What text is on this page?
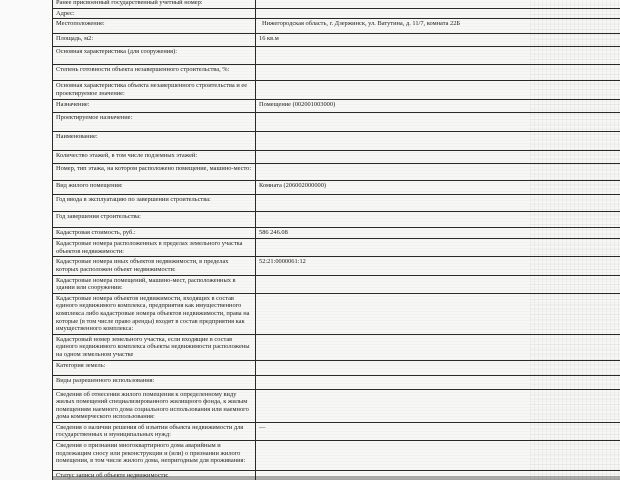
Ранее присвоенный государственный учетный номер:	
Адрес:	
Местоположение:	Нижегородская область, г. Дзержинск, ул. Ватутина, д. 11/7, комната 22Б
Площадь, м2:	16 кв.м
Основная характеристика (для сооружения):	
Степень готовности объекта незавершенного строительства, %:	
Основная характеристика объекта незавершенного строительства и ее проектируемое значение:	
Назначение:	Помещение (002001003000)
Проектируемое назначение:	
Наименование:	
Количество этажей, в том числе подземных этажей:	
Номер, тип этажа, на котором расположено помещение, машино-место:	
Вид жилого помещения:	Комната (206002000000)
Год ввода в эксплуатацию по завершении строительства:	
Год завершения строительства:	
Кадастровая стоимость, руб.:	586 246.08
Кадастровые номера расположенных в пределах земельного участка объектов недвижимости:	
Кадастровые номера иных объектов недвижимости, в пределах которых расположен объект недвижимости:	52:21:0000061:12
Кадастровые номера помещений, машино-мест, расположенных в здании или сооружении:	
Кадастровые номера объектов недвижимости, входящих в состав единого недвижимого комплекса, предприятия как имущественного комплекса либо кадастровые номера объектов недвижимости, права на которые (в том числе право аренды) входят в состав предприятия как имущественного комплекса:	
Кадастровый номер земельного участка, если входящие в состав единого недвижимого комплекса объекты недвижимости расположены на одном земельном участке	
Категория земель:	
Виды разрешенного использования:	
Сведения об отнесении жилого помещения к определенному виду жилых помещений специализированного жилищного фонда, к жилым помещениям наемного дома социального использования или наемного дома коммерческого использования:	
Сведения о наличии решения об изъятии объекта недвижимости для государственных и муниципальных нужд:	—
Сведения о признании многоквартирного дома аварийным и подлежащим сносу или реконструкции и (или) о признании жилого помещения, в том числе жилого дома, непригодным для проживания:	
Статус записи об объекте недвижимости:	
